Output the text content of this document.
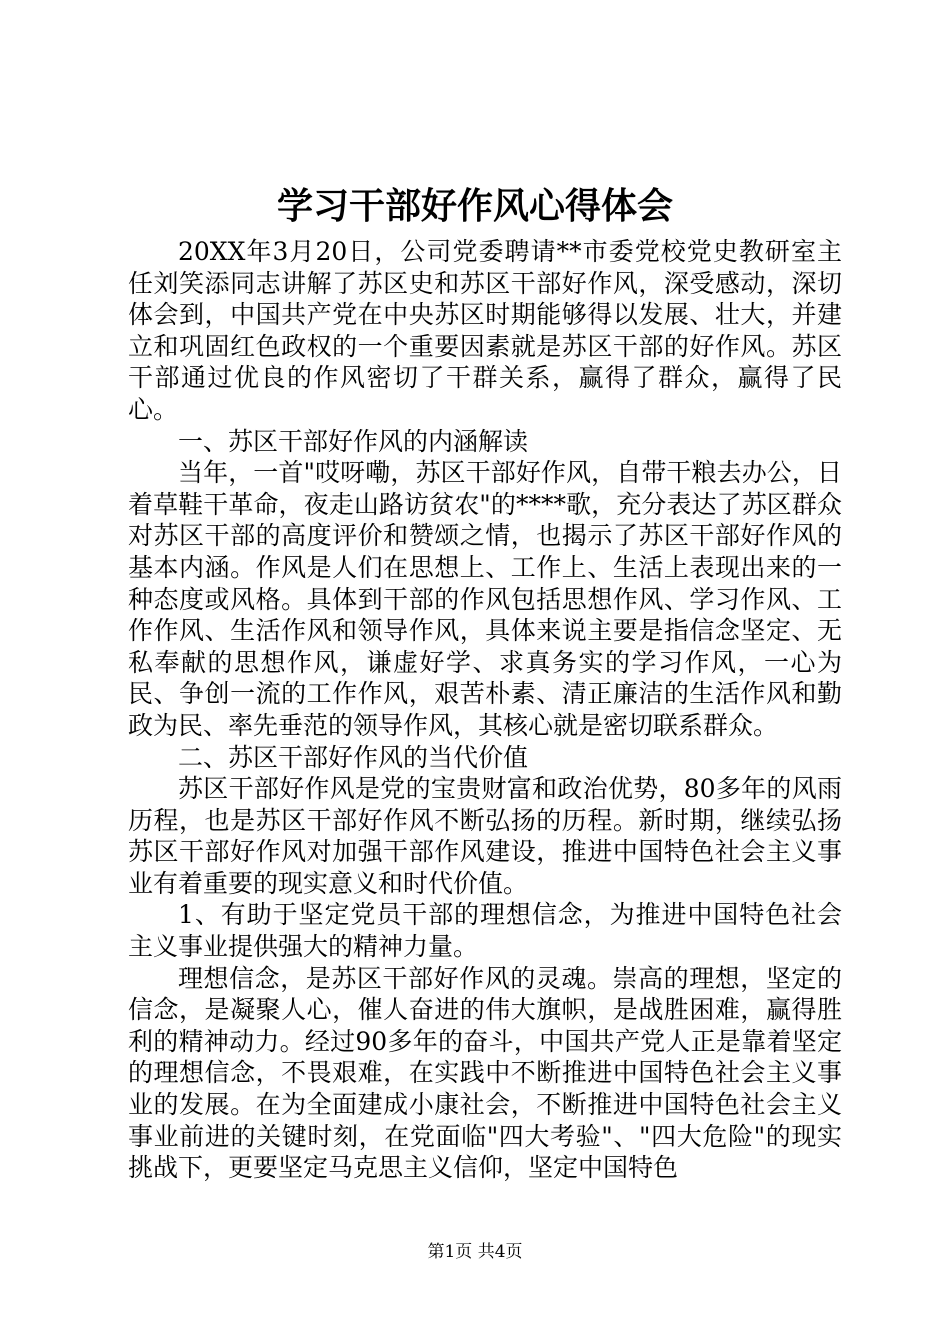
学习干部好作风心得体会

20XX年3月20日，公司党委聘请**市委党校党史教研室主任刘笑添同志讲解了苏区史和苏区干部好作风，深受感动，深切体会到，中国共产党在中央苏区时期能够得以发展、壮大，并建立和巩固红色政权的一个重要因素就是苏区干部的好作风。苏区干部通过优良的作风密切了干群关系，赢得了群众，赢得了民心。

一、苏区干部好作风的内涵解读

当年，一首"哎呀嘞，苏区干部好作风，自带干粮去办公，日着草鞋干革命，夜走山路访贫农"的****歌，充分表达了苏区群众对苏区干部的高度评价和赞颂之情，也揭示了苏区干部好作风的基本内涵。作风是人们在思想上、工作上、生活上表现出来的一种态度或风格。具体到干部的作风包括思想作风、学习作风、工作作风、生活作风和领导作风，具体来说主要是指信念坚定、无私奉献的思想作风，谦虚好学、求真务实的学习作风，一心为民、争创一流的工作作风，艰苦朴素、清正廉洁的生活作风和勤政为民、率先垂范的领导作风，其核心就是密切联系群众。

二、苏区干部好作风的当代价值

苏区干部好作风是党的宝贵财富和政治优势，80多年的风雨历程，也是苏区干部好作风不断弘扬的历程。新时期，继续弘扬苏区干部好作风对加强干部作风建设，推进中国特色社会主义事业有着重要的现实意义和时代价值。

1、有助于坚定党员干部的理想信念，为推进中国特色社会主义事业提供强大的精神力量。

理想信念，是苏区干部好作风的灵魂。崇高的理想，坚定的信念，是凝聚人心，催人奋进的伟大旗帜，是战胜困难，赢得胜利的精神动力。经过90多年的奋斗，中国共产党人正是靠着坚定的理想信念，不畏艰难，在实践中不断推进中国特色社会主义事业的发展。在为全面建成小康社会，不断推进中国特色社会主义事业前进的关键时刻，在党面临"四大考验"、"四大危险"的现实挑战下，更要坚定马克思主义信仰，坚定中国特色

第1页 共4页
